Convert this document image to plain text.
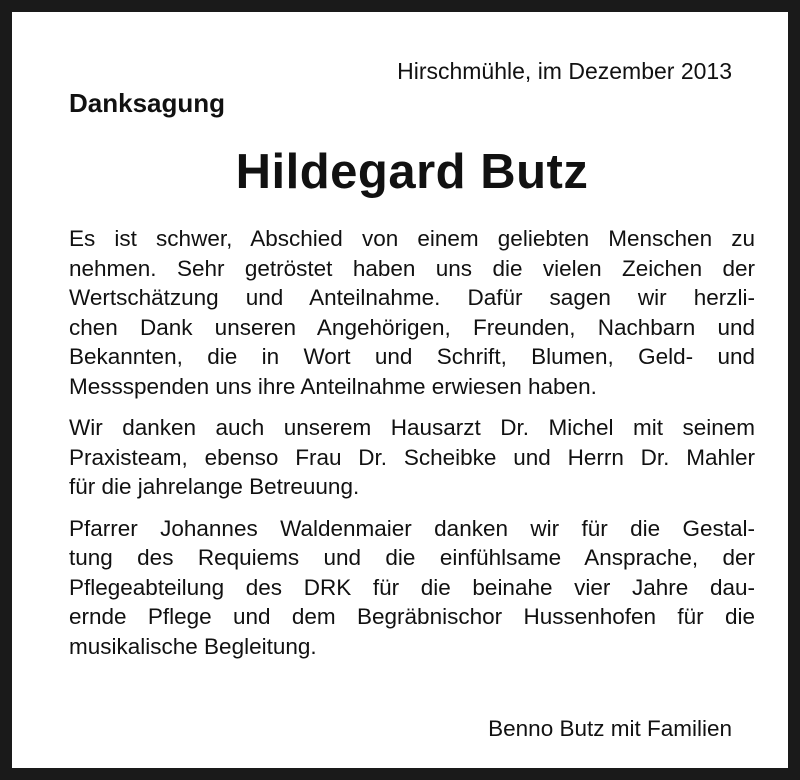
Hirschmühle, im Dezember 2013
Danksagung
Hildegard Butz
Es ist schwer, Abschied von einem geliebten Menschen zu
nehmen. Sehr getröstet haben uns die vielen Zeichen der
Wertschätzung und Anteilnahme. Dafür sagen wir herzli-
chen Dank unseren Angehörigen, Freunden, Nachbarn und
Bekannten, die in Wort und Schrift, Blumen, Geld- und
Messspenden uns ihre Anteilnahme erwiesen haben.
Wir danken auch unserem Hausarzt Dr. Michel mit seinem
Praxisteam, ebenso Frau Dr. Scheibke und Herrn Dr. Mahler
für die jahrelange Betreuung.
Pfarrer Johannes Waldenmaier danken wir für die Gestal-
tung des Requiems und die einfühlsame Ansprache, der
Pflegeabteilung des DRK für die beinahe vier Jahre dau-
ernde Pflege und dem Begräbnischor Hussenhofen für die
musikalische Begleitung.
Benno Butz mit Familien
